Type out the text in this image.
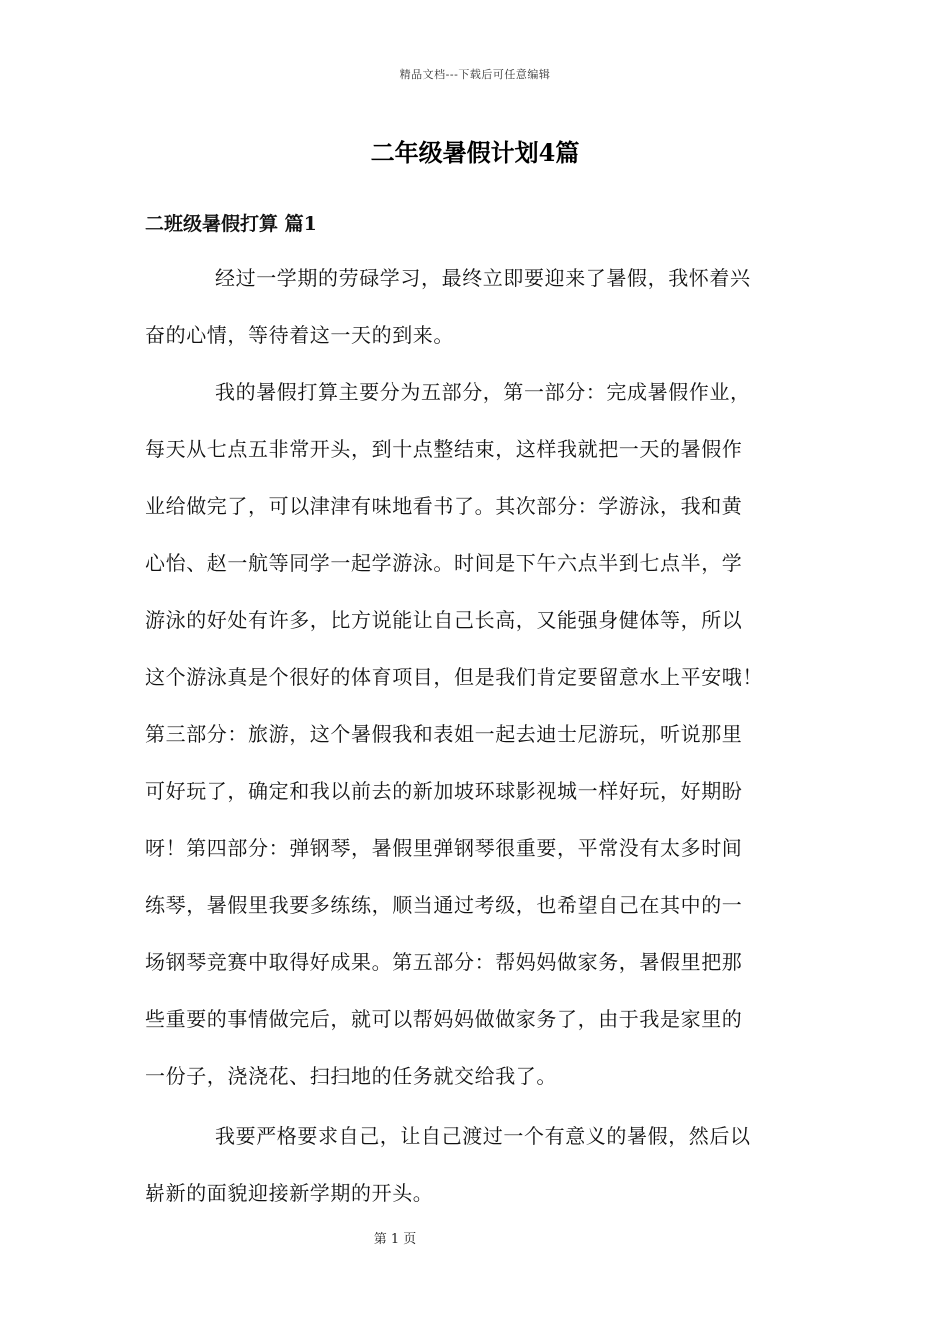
精品文档---下载后可任意编辑
二年级暑假计划4篇
二班级暑假打算 篇1
经过一学期的劳碌学习，最终立即要迎来了暑假，我怀着兴
奋的心情，等待着这一天的到来。
我的暑假打算主要分为五部分，第一部分：完成暑假作业，
每天从七点五非常开头，到十点整结束，这样我就把一天的暑假作
业给做完了，可以津津有味地看书了。其次部分：学游泳，我和黄
心怡、赵一航等同学一起学游泳。时间是下午六点半到七点半，学
游泳的好处有许多，比方说能让自己长高，又能强身健体等，所以
这个游泳真是个很好的体育项目，但是我们肯定要留意水上平安哦！
第三部分：旅游，这个暑假我和表姐一起去迪士尼游玩，听说那里
可好玩了，确定和我以前去的新加坡环球影视城一样好玩，好期盼
呀！第四部分：弹钢琴，暑假里弹钢琴很重要，平常没有太多时间
练琴，暑假里我要多练练，顺当通过考级，也希望自己在其中的一
场钢琴竞赛中取得好成果。第五部分：帮妈妈做家务，暑假里把那
些重要的事情做完后，就可以帮妈妈做做家务了，由于我是家里的
一份子，浇浇花、扫扫地的任务就交给我了。
我要严格要求自己，让自己渡过一个有意义的暑假，然后以
崭新的面貌迎接新学期的开头。
第 1 页
